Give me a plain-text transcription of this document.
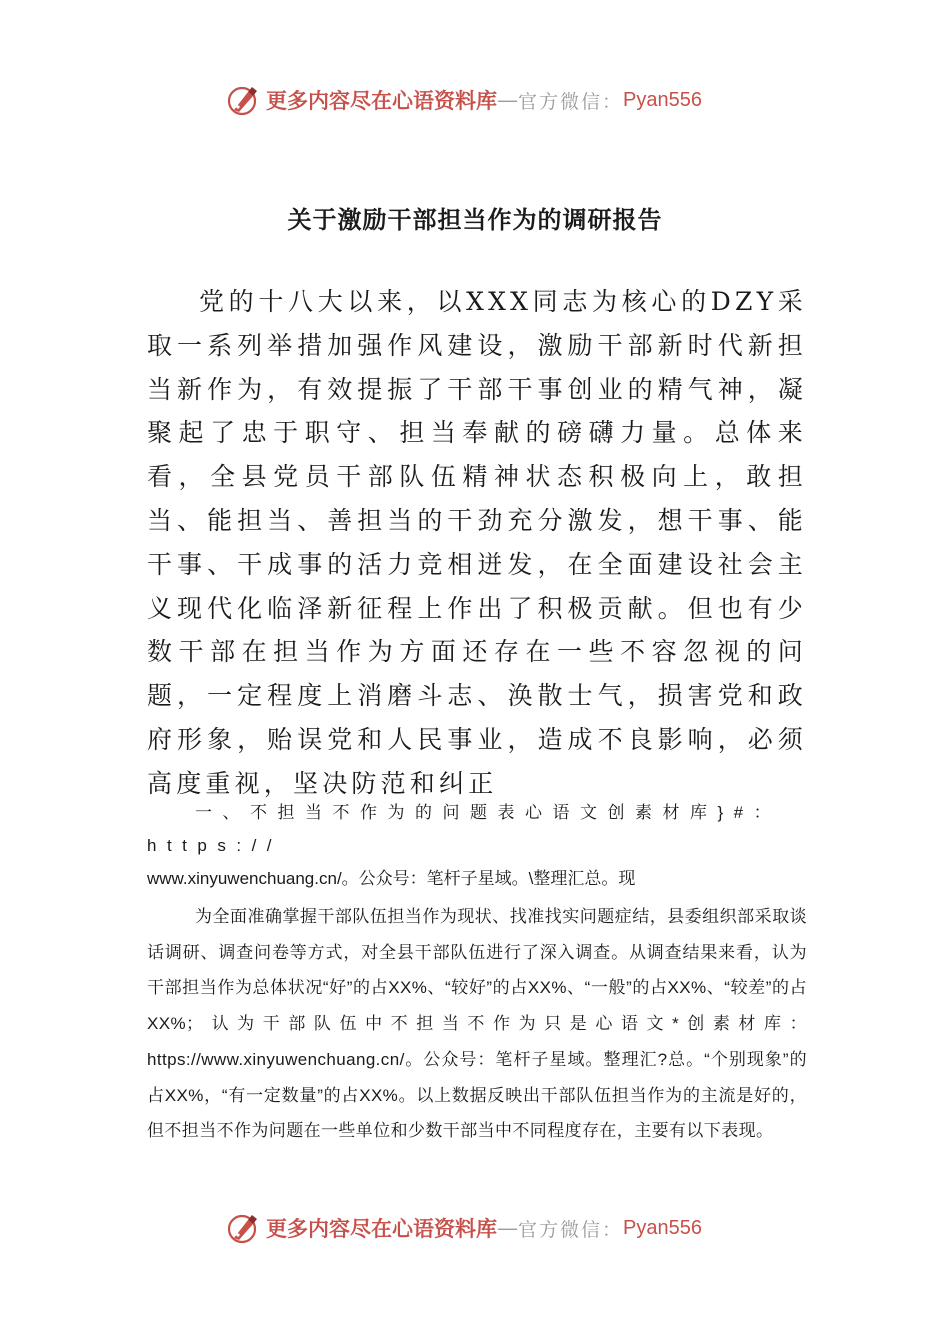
更多内容尽在心语资料库 — 官方微信： Pyan556
关于激励干部担当作为的调研报告

党的十八大以来，以XXX同志为核心的DZY采取一系列举措加强作风建设，激励干部新时代新担当新作为，有效提振了干部干事创业的精气神，凝聚起了忠于职守、担当奉献的磅礴力量。总体来看，全县党员干部队伍精神状态积极向上，敢担当、能担当、善担当的干劲充分激发，想干事、能干事、干成事的活力竞相迸发，在全面建设社会主义现代化临泽新征程上作出了积极贡献。但也有少数干部在担当作为方面还存在一些不容忽视的问题，一定程度上消磨斗志、涣散士气，损害党和政府形象，贻误党和人民事业，造成不良影响，必须高度重视，坚决防范和纠正

一、不担当不作为的问题表心语文创素材库}#：https://
www.xinyuwenchuang.cn/。公众号：笔杆子星域。\整理汇总。现

为全面准确掌握干部队伍担当作为现状、找准找实问题症结，县委组织部采取谈话调研、调查问卷等方式，对全县干部队伍进行了深入调查。从调查结果来看，认为干部担当作为总体状况“好”的占XX%、“较好”的占XX%、“一般”的占XX%、“较差”的占XX%；认为干部队伍中不担当不作为只是心语文*创素材库：https://www.xinyuwenchuang.cn/。公众号：笔杆子星域。整理汇?总。“个别现象”的占XX%，“有一定数量”的占XX%。以上数据反映出干部队伍担当作为的主流是好的，但不担当不作为问题在一些单位和少数干部当中不同程度存在，主要有以下表现。

更多内容尽在心语资料库 — 官方微信： Pyan556
